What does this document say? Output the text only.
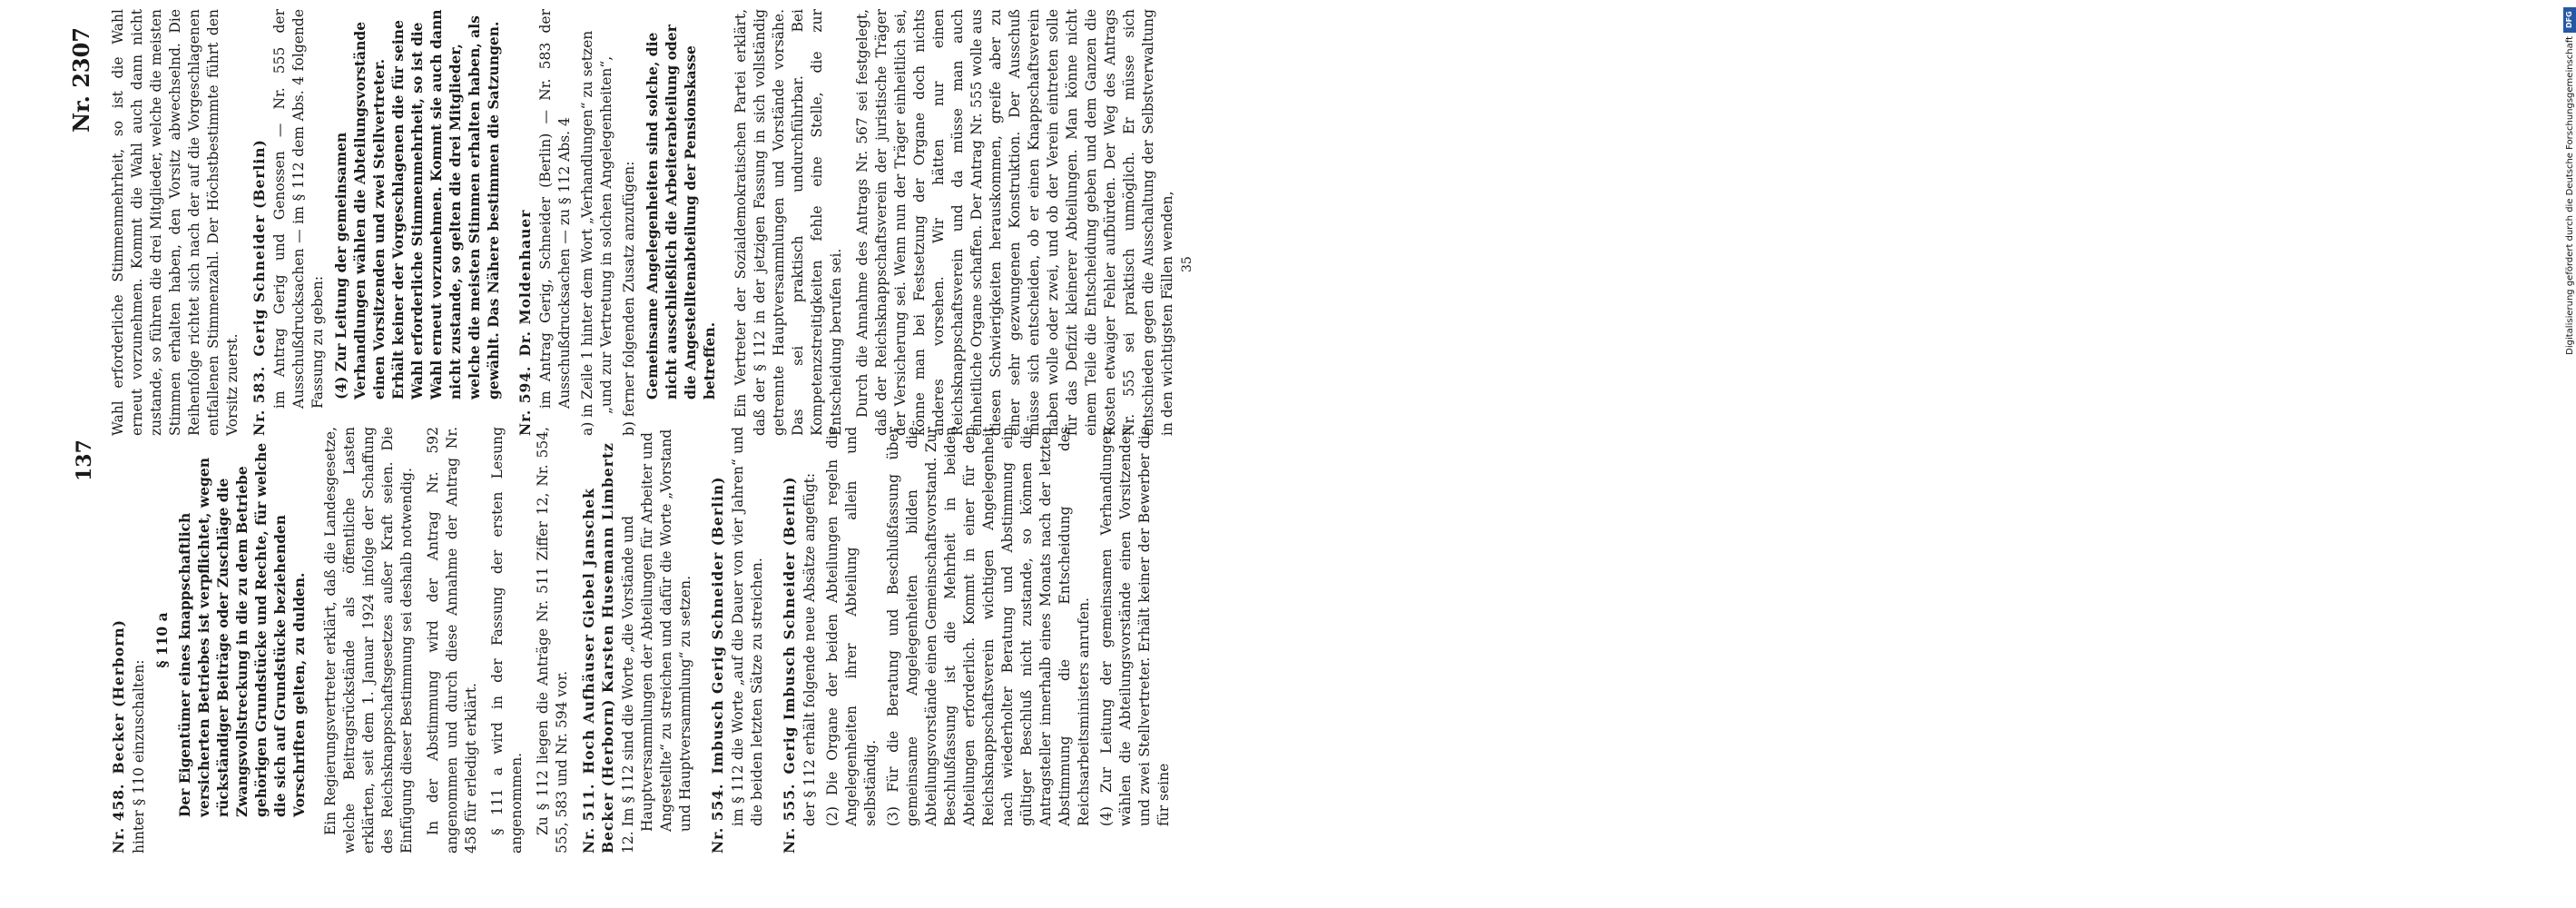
137
Nr. 2307
Nr. 458.Becker (Herborn) hinter § 110 einzuschalten:
§ 110 a Der Eigentümer eines knappschaftlich versicherten Betriebes ist verpflichtet, wegen rückständiger Beiträge oder Zuschläge die Zwangsvollstreckung in die zu dem Betriebe gehörigen Grundstücke und Rechte, für welche die sich auf Grundstücke beziehenden Vorschriften gelten, zu dulden. Ein Regierungsvertreter erklärt, daß die Landesgesetze, welche Beitragsrückstände als öffentliche Lasten erklärten, seit dem 1. Januar 1924 infolge der Schaffung des Reichsknappschaftsgesetzes außer Kraft seien. Die Einfügung dieser Bestimmung sei deshalb notwendig. In der Abstimmung wird der Antrag Nr. 592 angenommen und durch diese Annahme der Antrag Nr. 458 für erledigt erklärt. § 111 a wird in der Fassung der ersten Lesung angenommen. Zu § 112 liegen die Anträge Nr. 511 Ziffer 12, Nr. 554, 555, 583 und Nr. 594 vor. Nr. 511.Hoch Aufhäuser Giebel Janschek Becker (Herborn) Karsten Husemann Limbertz 12. Im § 112 sind die Worte „die Vorstände und Hauptversammlungen der Abteilungen für Arbeiter und Angestellte“ zu streichen und dafür die Worte „Vorstand und Hauptversammlung“ zu setzen. Nr. 554.Imbusch Gerig Schneider (Berlin) im § 112 die Worte „auf die Dauer von vier Jahren“ und die beiden letzten Sätze zu streichen. Nr. 555.Gerig Imbusch Schneider (Berlin) der § 112 erhält folgende neue Absätze angefügt: (2) Die Organe der beiden Abteilungen regeln die Angelegenheiten ihrer Abteilung allein und selbständig. (3) Für die Beratung und Beschlußfassung über gemeinsame Angelegenheiten bilden die Abteilungsvorstände einen Gemeinschaftsvorstand. Zur Beschlußfassung ist die Mehrheit in beiden Abteilungen erforderlich. Kommt in einer für den Reichsknappschaftsverein wichtigen Angelegenheit nach wiederholter Beratung und Abstimmung ein gültiger Beschluß nicht zustande, so können die Antragsteller innerhalb eines Monats nach der letzten Abstimmung die Entscheidung des Reichsarbeitsministers anrufen. (4) Zur Leitung der gemeinsamen Verhandlungen wählen die Abteilungsvorstände einen Vorsitzenden und zwei Stellvertreter. Erhält keiner der Bewerber die für seine

Wahl erforderliche Stimmenmehrheit, so ist die Wahl erneut vorzunehmen. Kommt die Wahl auch dann nicht zustande, so führen die drei Mitglieder, welche die meisten Stimmen erhalten haben, den Vorsitz abwechselnd. Die Reihenfolge richtet sich nach der auf die Vorgeschlagenen entfallenen Stimmenzahl. Der Höchstbestimmte führt den Vorsitz zuerst. Nr. 583.Gerig Schneider (Berlin) im Antrag Gerig und Genossen — Nr. 555 der Ausschußdrucksachen — im § 112 dem Abs. 4 folgende Fassung zu geben: (4) Zur Leitung der gemeinsamen Verhandlungen wählen die Abteilungsvorstände einen Vorsitzenden und zwei Stellvertreter. Erhält keiner der Vorgeschlagenen die für seine Wahl erforderliche Stimmenmehrheit, so ist die Wahl erneut vorzunehmen. Kommt sie auch dann nicht zustande, so gelten die drei Mitglieder, welche die meisten Stimmen erhalten haben, als gewählt. Das Nähere bestimmen die Satzungen.
Nr. 594.Dr. Moldenhauer im Antrag Gerig, Schneider (Berlin) — Nr. 583 der Ausschußdrucksachen — zu § 112 Abs. 4 a) in Zeile 1 hinter dem Wort „Verhandlungen“ zu setzen „und zur Vertretung in solchen Angelegenheiten“, b) ferner folgenden Zusatz anzufügen: Gemeinsame Angelegenheiten sind solche, die nicht ausschließlich die Arbeiterabteilung oder die Angestelltenabteilung der Pensionskasse betreffen. Ein Vertreter der Sozialdemokratischen Partei erklärt, daß der § 112 in der jetzigen Fassung in sich vollständig getrennte Hauptversammlungen und Vorstände vorsähe. Das sei praktisch undurchführbar. Bei Kompetenzstreitigkeiten fehle eine Stelle, die zur Entscheidung berufen sei. Durch die Annahme des Antrags Nr. 567 sei festgelegt, daß der Reichsknappschaftsverein der juristische Träger der Versicherung sei. Wenn nun der Träger einheitlich sei, könne man bei Festsetzung der Organe doch nichts anderes vorsehen. Wir hätten nur einen Reichsknappschaftsverein und da müsse man auch einheitliche Organe schaffen. Der Antrag Nr. 555 wolle aus diesen Schwierigkeiten herauskommen, greife aber zu einer sehr gezwungenen Konstruktion. Der Ausschuß müsse sich entscheiden, ob er einen Knappschaftsverein haben wolle oder zwei, und ob der Verein eintreten solle für das Defizit kleinerer Abteilungen. Man könne nicht einem Teile die Entscheidung geben und dem Ganzen die Kosten etwaiger Fehler aufbürden. Der Weg des Antrags Nr. 555 sei praktisch unmöglich. Er müsse sich entschieden gegen die Ausschaltung der Selbstverwaltung in den wichtigsten Fällen wenden, 35
DFG
Digitalisierung gefördert durch die Deutsche Forschungsgemeinschaft
